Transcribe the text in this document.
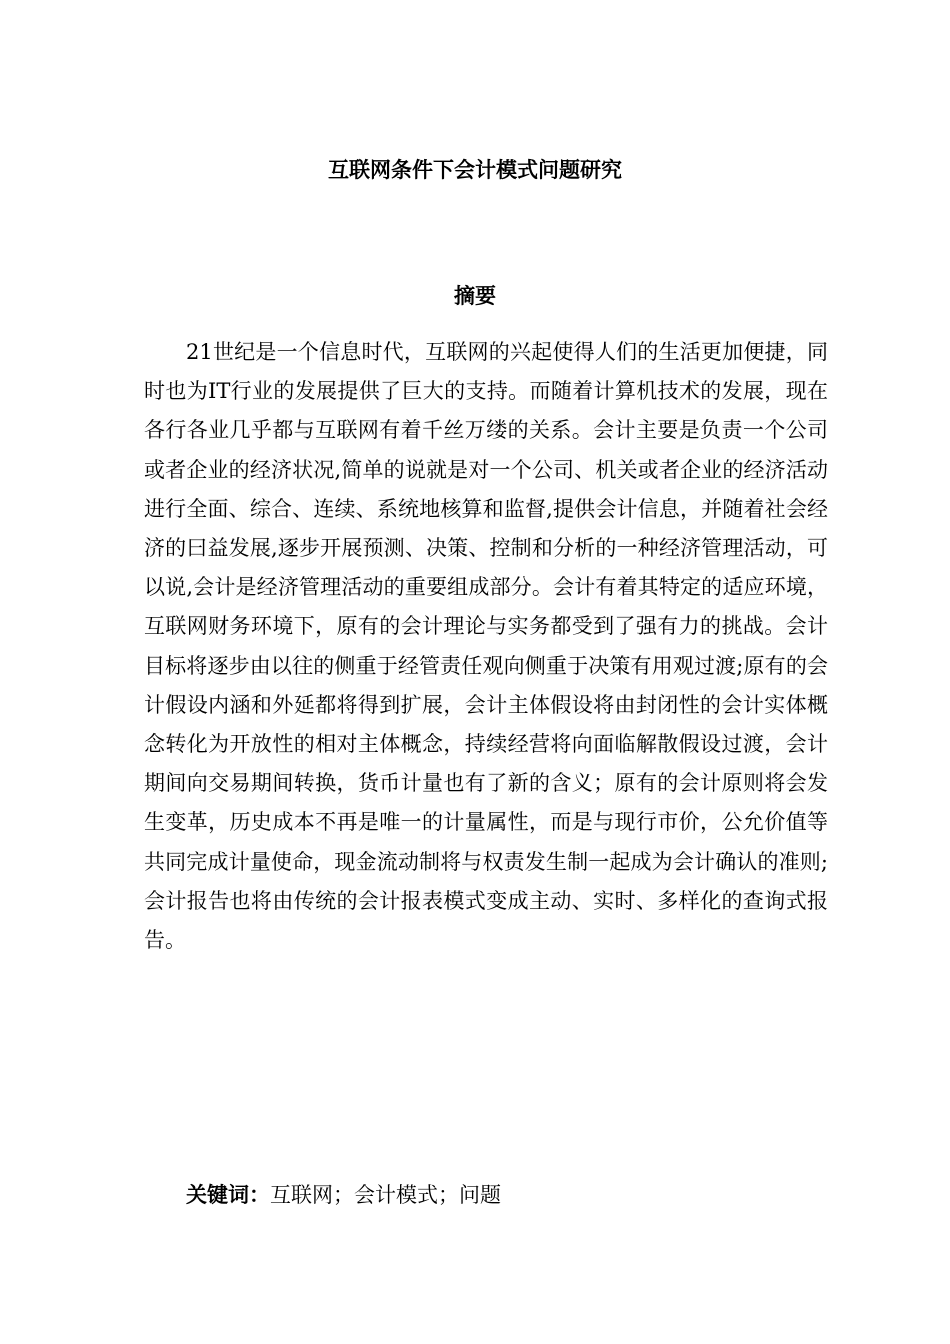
互联网条件下会计模式问题研究
摘要

21世纪是一个信息时代，互联网的兴起使得人们的生活更加便捷，同时也为IT行业的发展提供了巨大的支持。而随着计算机技术的发展，现在各行各业几乎都与互联网有着千丝万缕的关系。会计主要是负责一个公司或者企业的经济状况,简单的说就是对一个公司、机关或者企业的经济活动进行全面、综合、连续、系统地核算和监督,提供会计信息，并随着社会经济的曰益发展,逐步开展预测、决策、控制和分析的一种经济管理活动，可以说,会计是经济管理活动的重要组成部分。会计有着其特定的适应环境，互联网财务环境下，原有的会计理论与实务都受到了强有力的挑战。会计目标将逐步由以往的侧重于经管责任观向侧重于决策有用观过渡;原有的会计假设内涵和外延都将得到扩展，会计主体假设将由封闭性的会计实体概念转化为开放性的相对主体概念，持续经营将向面临解散假设过渡，会计期间向交易期间转换，货币计量也有了新的含义；原有的会计原则将会发生变革，历史成本不再是唯一的计量属性，而是与现行市价，公允价值等共同完成计量使命，现金流动制将与权责发生制一起成为会计确认的准则;会计报告也将由传统的会计报表模式变成主动、实时、多样化的查询式报告。

关键词：互联网；会计模式；问题
